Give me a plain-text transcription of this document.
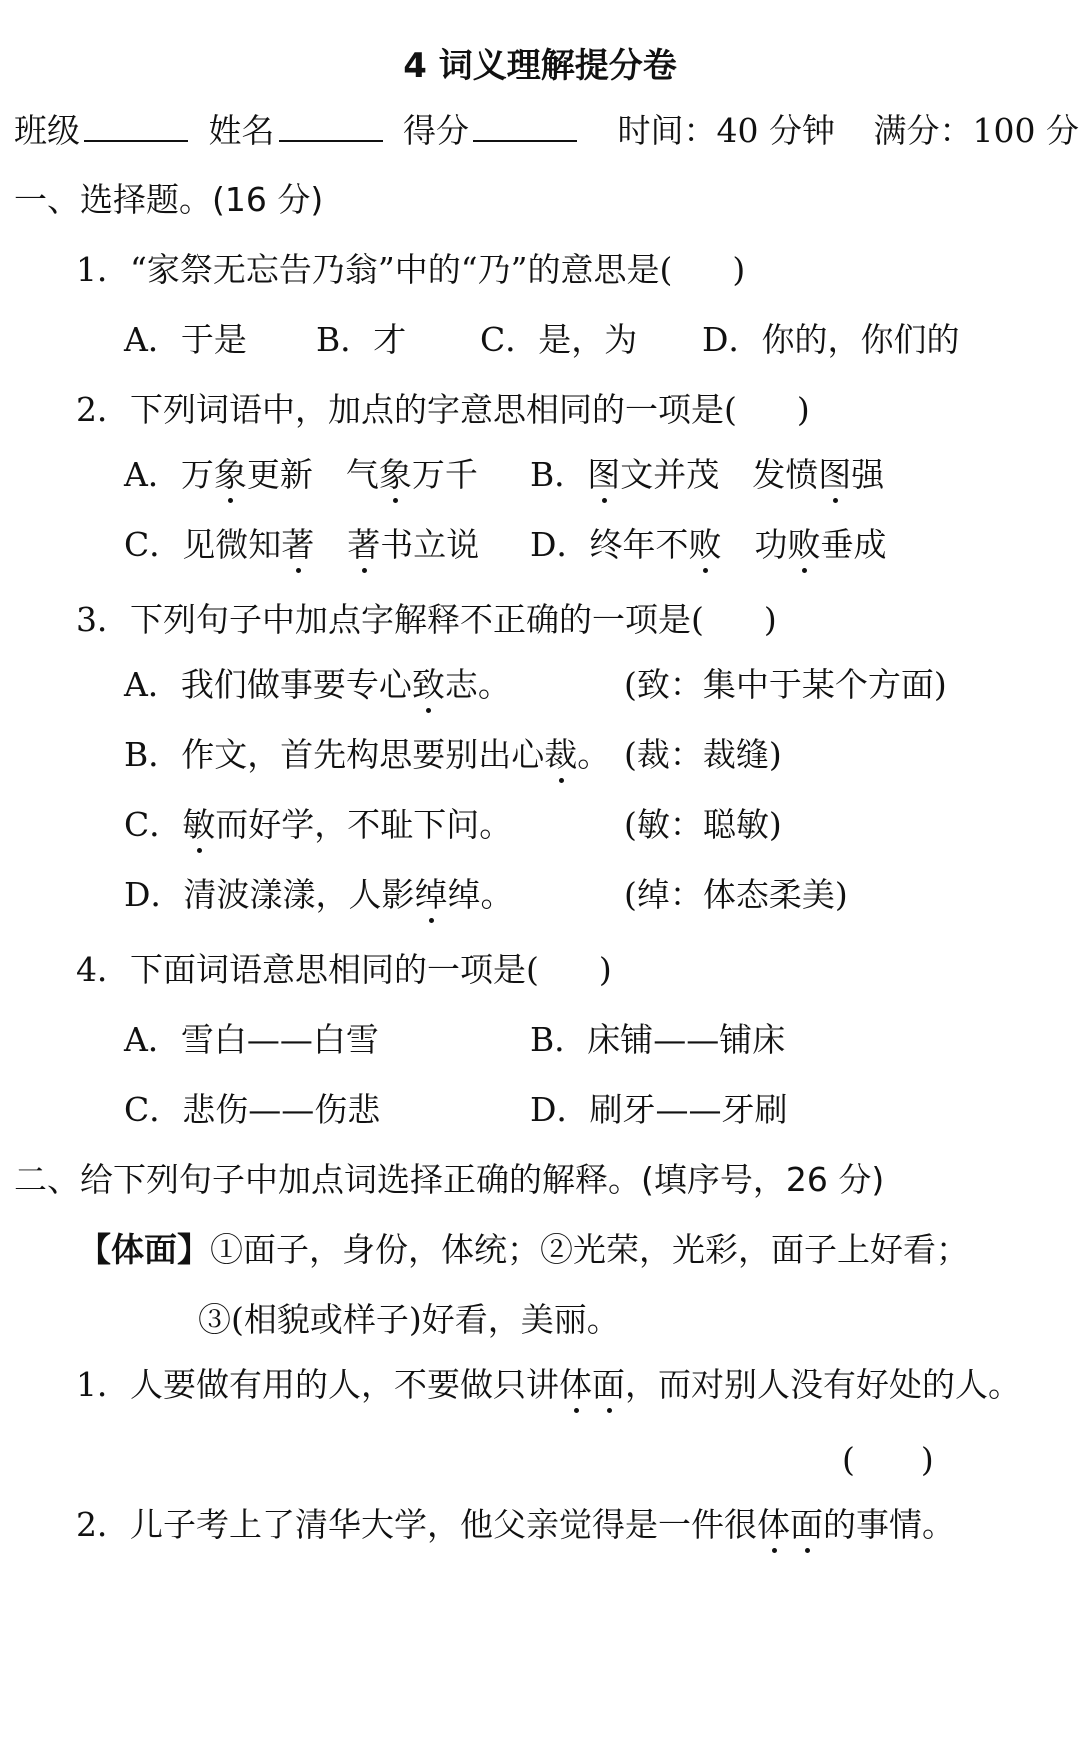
4 词义理解提分卷
班级	姓名	得分	时间：40 分钟 满分：100 分
一、选择题。(16 分)
1．“家祭无忘告乃翁”中的“乃”的意思是( )
A．于是 B．才 C．是，为 D．你的，你们的
2．下列词语中，加点的字意思相同的一项是( )
A．万象更新　气象万千 B．图文并茂　发愤图强
C．见微知著　 著书立说 D．终年不败　功败垂成
3．下列句子中加点字解释不正确的一项是( )
A．我们做事要专心致志。	(致：集中于某个方面)
B．作文，首先构思要别出心裁。 (裁：裁缝)
C．敏而好学，不耻下问。	(敏：聪敏)
D．清波漾漾，人影绰绰。	(绰：体态柔美)
4．下面词语意思相同的一项是( )
A．雪白——白雪	B．床铺——铺床
C．悲伤——伤悲	D．刷牙——牙刷
二、给下列句子中加点词选择正确的解释。(填序号，26 分)
【体面】①面子，身份，体统；②光荣，光彩，面子上好看；
③(相貌或样子)好看，美丽。
1．人要做有用的人，不要做只讲体面，而对别人没有好处的人。
(　　)
2．儿子考上了清华大学，他父亲觉得是一件很体面的事情。
